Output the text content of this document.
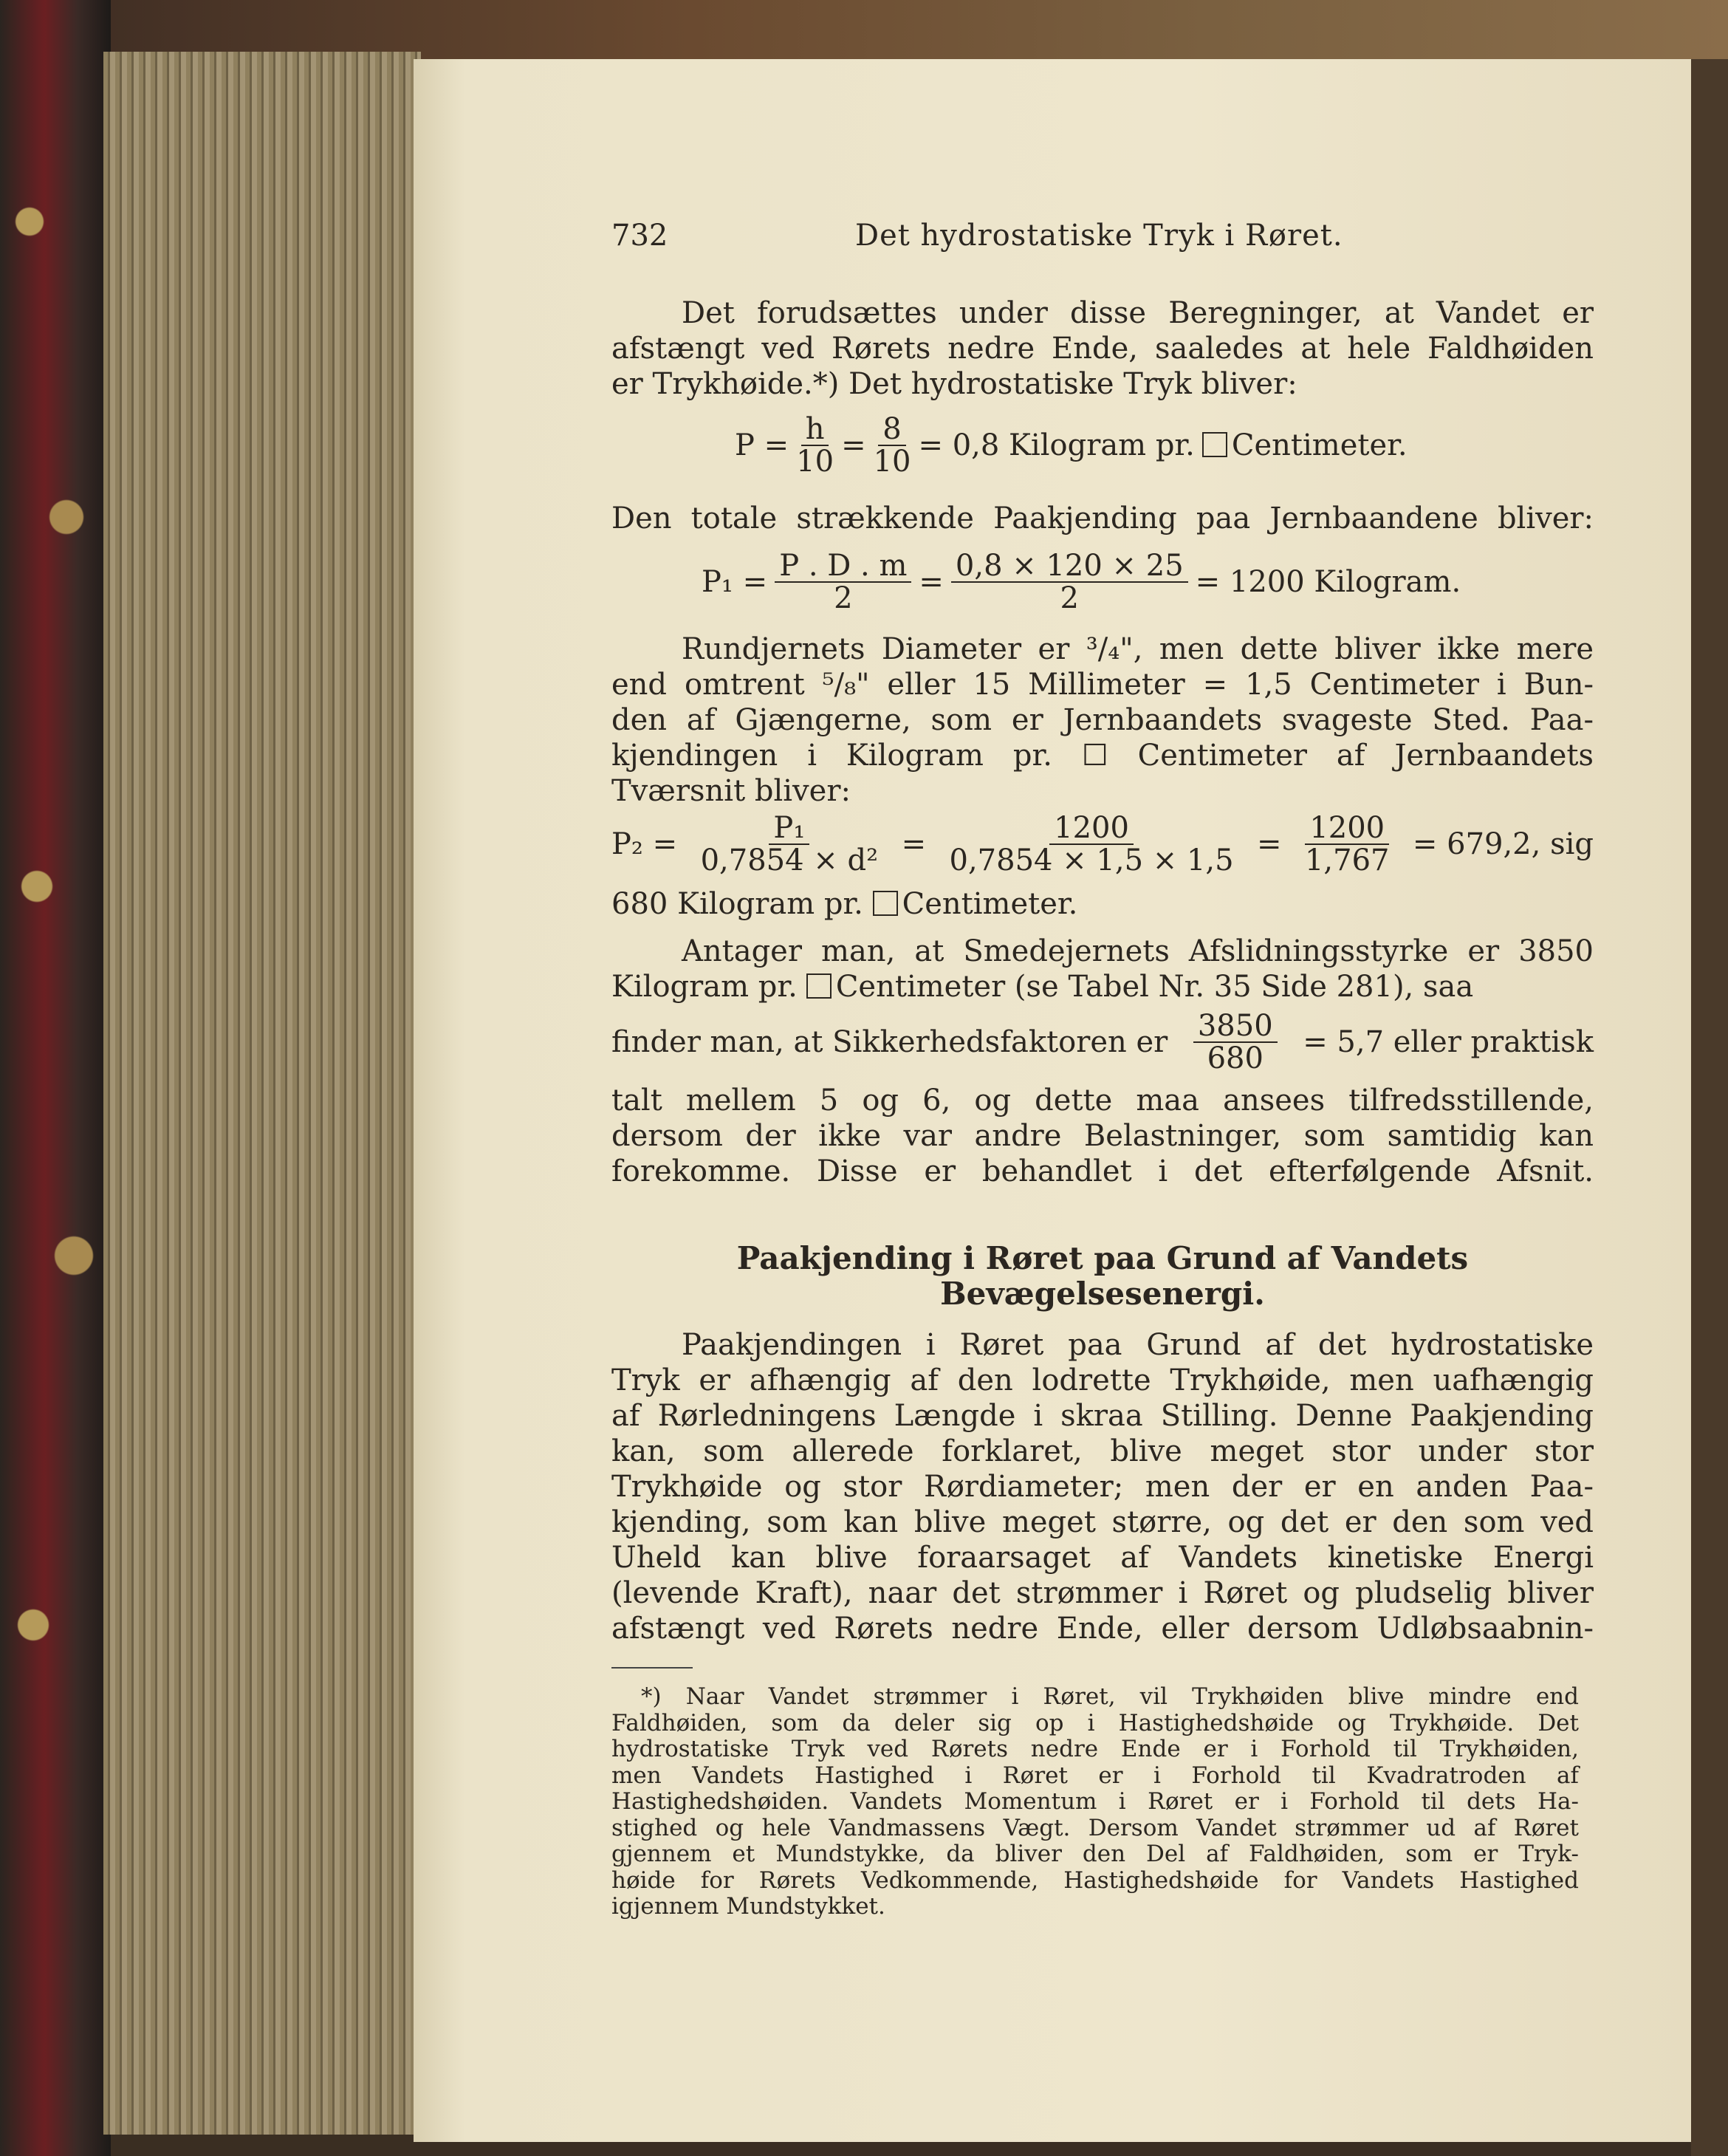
732	Det hydrostatiske Tryk i Røret.
Det forudsættes under disse Beregninger, at Vandet er
afstængt ved Rørets nedre Ende, saaledes at hele Faldhøiden
er Trykhøide.*) Det hydrostatiske Tryk bliver:
$P = \frac{h}{10} = \frac{8}{10} = 0,8$ Kilogram pr.	Centimeter.
Den totale strækkende Paakjending paa Jernbaandene bliver:
$P_1 = \frac{P . D . m}{2} = \frac{0,8 \times 120 \times 25}{2} = 1200$ Kilogram.
Rundjernets Diameter er ³/₄", men dette bliver ikke mere
end omtrent ⁵/₈" eller 15 Millimeter = 1,5 Centimeter i Bun-
den af Gjængerne, som er Jernbaandets svageste Sted. Paa-
kjendingen i Kilogram pr. ☐ Centimeter af Jernbaandets
Tværsnit bliver:
$P_2 = \frac{\text{P₁}}{\text{0,7854 × d²}} = \frac{1200}{0,7854 \times 1,5 \times 1,5} = \frac{1200}{1,767} = 679,2$, sig
680 Kilogram pr. Centimeter.
Antager man, at Smedejernets Afslidningsstyrke er 3850
Kilogram pr.	Centimeter (se Tabel Nr. 35 Side 281), saa
finder man, at Sikkerhedsfaktoren er $\frac{3850}{680} = 5,7$ eller praktisk
talt mellem 5 og 6, og dette maa ansees tilfredsstillende,
dersom der ikke var andre Belastninger, som samtidig kan
forekomme. Disse er behandlet i det efterfølgende Afsnit.
Paakjending i Røret paa Grund af Vandets
Bevægelsesenergi.
Paakjendingen i Røret paa Grund af det hydrostatiske
Tryk er afhængig af den lodrette Trykhøide, men uafhængig
af Rørledningens Længde i skraa Stilling. Denne Paakjending
kan, som allerede forklaret, blive meget stor under stor
Trykhøide og stor Rørdiameter; men der er en anden Paa-
kjending, som kan blive meget større, og det er den som ved
Uheld kan blive foraarsaget af Vandets kinetiske Energi
(levende Kraft), naar det strømmer i Røret og pludselig bliver
afstængt ved Rørets nedre Ende, eller dersom Udløbsaabnin-
*) Naar Vandet strømmer i Røret, vil Trykhøiden blive mindre end
Faldhøiden, som da deler sig op i Hastighedshøide og Trykhøide. Det
hydrostatiske Tryk ved Rørets nedre Ende er i Forhold til Trykhøiden,
men Vandets Hastighed i Røret er i Forhold til Kvadratroden af
Hastighedshøiden. Vandets Momentum i Røret er i Forhold til dets Ha-
stighed og hele Vandmassens Vægt. Dersom Vandet strømmer ud af Røret
gjennem et Mundstykke, da bliver den Del af Faldhøiden, som er Tryk-
høide for Rørets Vedkommende, Hastighedshøide for Vandets Hastighed
igjennem Mundstykket.
